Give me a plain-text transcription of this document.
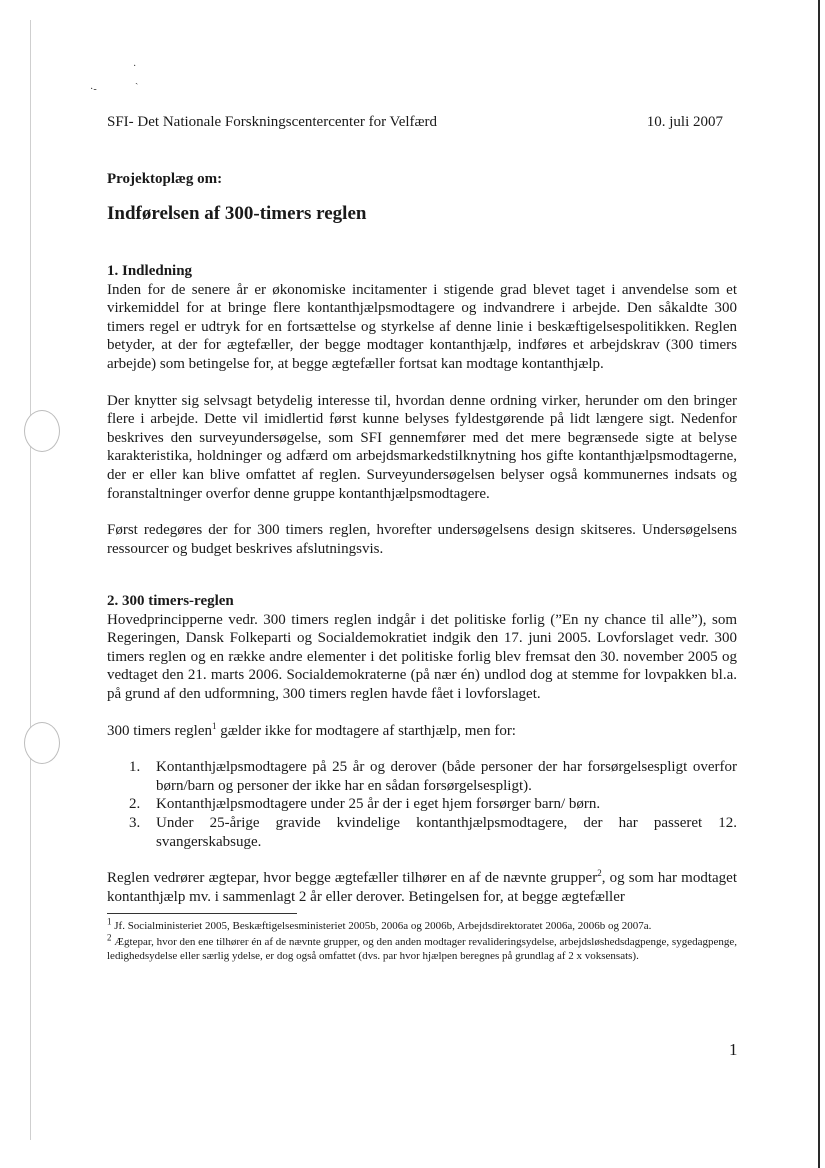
·
ˎ
·-
SFI- Det Nationale Forskningscentercenter for Velfærd	10. juli 2007
Projektoplæg om:
Indførelsen af 300-timers reglen
1. Indledning

Inden for de senere år er økonomiske incitamenter i stigende grad blevet taget i anvendelse som et virkemiddel for at bringe flere kontanthjælpsmodtagere og indvandrere i arbejde. Den såkaldte 300 timers regel er udtryk for en fortsættelse og styrkelse af denne linie i beskæftigelsespolitikken. Reglen betyder, at der for ægtefæller, der begge modtager kontanthjælp, indføres et arbejdskrav (300 timers arbejde) som betingelse for, at begge ægtefæller fortsat kan modtage kontanthjælp.

Der knytter sig selvsagt betydelig interesse til, hvordan denne ordning virker, herunder om den bringer flere i arbejde. Dette vil imidlertid først kunne belyses fyldestgørende på lidt længere sigt. Nedenfor beskrives den surveyundersøgelse, som SFI gennemfører med det mere begrænsede sigte at belyse karakteristika, holdninger og adfærd om arbejdsmarkedstilknytning hos gifte kontanthjælpsmodtagerne, der er eller kan blive omfattet af reglen. Surveyundersøgelsen belyser også kommunernes indsats og foranstaltninger overfor denne gruppe kontanthjælpsmodtagere.

Først redegøres der for 300 timers reglen, hvorefter undersøgelsens design skitseres. Undersøgelsens ressourcer og budget beskrives afslutningsvis.

2. 300 timers-reglen

Hovedprincipperne vedr. 300 timers reglen indgår i det politiske forlig (”En ny chance til alle”), som Regeringen, Dansk Folkeparti og Socialdemokratiet indgik den 17. juni 2005. Lovforslaget vedr. 300 timers reglen og en række andre elementer i det politiske forlig blev fremsat den 30. november 2005 og vedtaget den 21. marts 2006. Socialdemokraterne (på nær én) undlod dog at stemme for lovpakken bl.a. på grund af den udformning, 300 timers reglen havde fået i lovforslaget.

300 timers reglen$^1$ gælder ikke for modtagere af starthjælp, men for:

1. Kontanthjælpsmodtagere på 25 år og derover (både personer der har forsørgelsespligt overfor børn/barn og personer der ikke har en sådan forsørgelsespligt).
2. Kontanthjælpsmodtagere under 25 år der i eget hjem forsørger barn/ børn.
3. Under 25-årige gravide kvindelige kontanthjælpsmodtagere, der har passeret 12. svangerskabsuge.

Reglen vedrører ægtepar, hvor begge ægtefæller tilhører en af de nævnte grupper$^2$, og som har modtaget kontanthjælp mv. i sammenlagt 2 år eller derover. Betingelsen for, at begge ægtefæller

$^1$ Jf. Socialministeriet 2005, Beskæftigelsesministeriet 2005b, 2006a og 2006b, Arbejdsdirektoratet 2006a, 2006b og 2007a.

$^2$ Ægtepar, hvor den ene tilhører én af de nævnte grupper, og den anden modtager revalideringsydelse, arbejdsløshedsdagpenge, sygedagpenge, ledighedsydelse eller særlig ydelse, er dog også omfattet (dvs. par hvor hjælpen beregnes på grundlag af 2 x voksensats).

1
